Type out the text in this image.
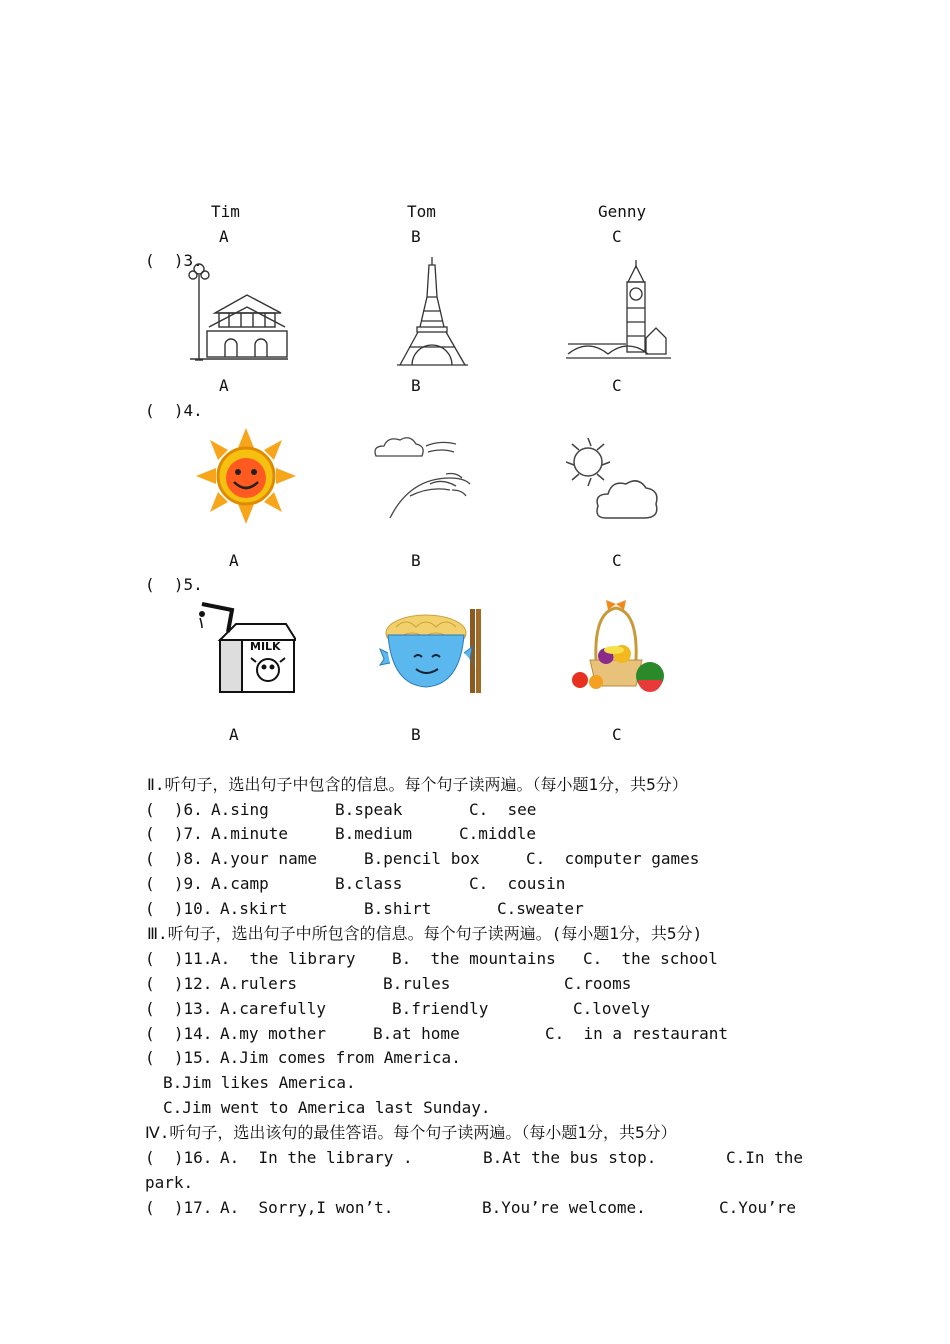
Tim	Tom	Genny
A	B	C
(  )3.
A	B	C
(  )4.
A	B	C
(  )5.
MILK
A	B	C
Ⅱ.听句子，选出句子中包含的信息。每个句子读两遍。（每小题1分，共5分）
(  )6. A.sing	B.speak	C.  see
(  )7. A.minute	B.medium	C.middle
(  )8. A.your name	B.pencil box	C.  computer games
(  )9. A.camp	B.class	C.  cousin
(  )10. A.skirt	B.shirt	C.sweater
Ⅲ.听句子，选出句子中所包含的信息。每个句子读两遍。(每小题1分，共5分)
(  )11.
A.  the library B.  the mountains C.  the school
(  )12. A.rulers	B.rules	C.rooms
(  )13. A.carefully	B.friendly	C.lovely
(  )14. A.my mother	B.at home	C.  in a restaurant
(  )15. A.Jim comes from America.
B.Jim likes America.
C.Jim went to America last Sunday.
Ⅳ.听句子，选出该句的最佳答语。每个句子读两遍。（每小题1分，共5分）
(  )16. A.  In the library .	B.At the bus stop.	C.In the
park.
(  )17. A.  Sorry,I won’t.	B.You’re welcome.	C.You’re
